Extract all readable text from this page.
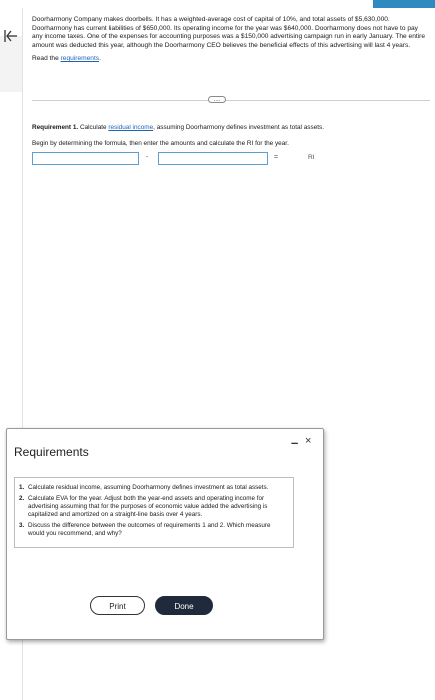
Doorharmony Company makes doorbells. It has a weighted-average cost of capital of 10%, and total assets of $5,630,000. Doorharmony has current liabilities of $650,000. Its operating income for the year was $640,000. Doorharmony does not have to pay any income taxes. One of the expenses for accounting purposes was a $150,000 advertising campaign run in early January. The entire amount was deducted this year, although the Doorharmony CEO believes the beneficial effects of this advertising will last 4 years.

Read the requirements.
....
Requirement 1. Calculate residual income, assuming Doorharmony defines investment as total assets.
Begin by determining the formula, then enter the amounts and calculate the RI for the year.
-	=	RI
Requirements
– ×
1. Calculate residual income, assuming Doorharmony defines investment as total assets.
2. Calculate EVA for the year. Adjust both the year-end assets and operating income for advertising assuming that for the purposes of economic value added the advertising is capitalized and amortized on a straight-line basis over 4 years.
3. Discuss the difference between the outcomes of requirements 1 and 2. Which measure would you recommend, and why?
Print	Done
